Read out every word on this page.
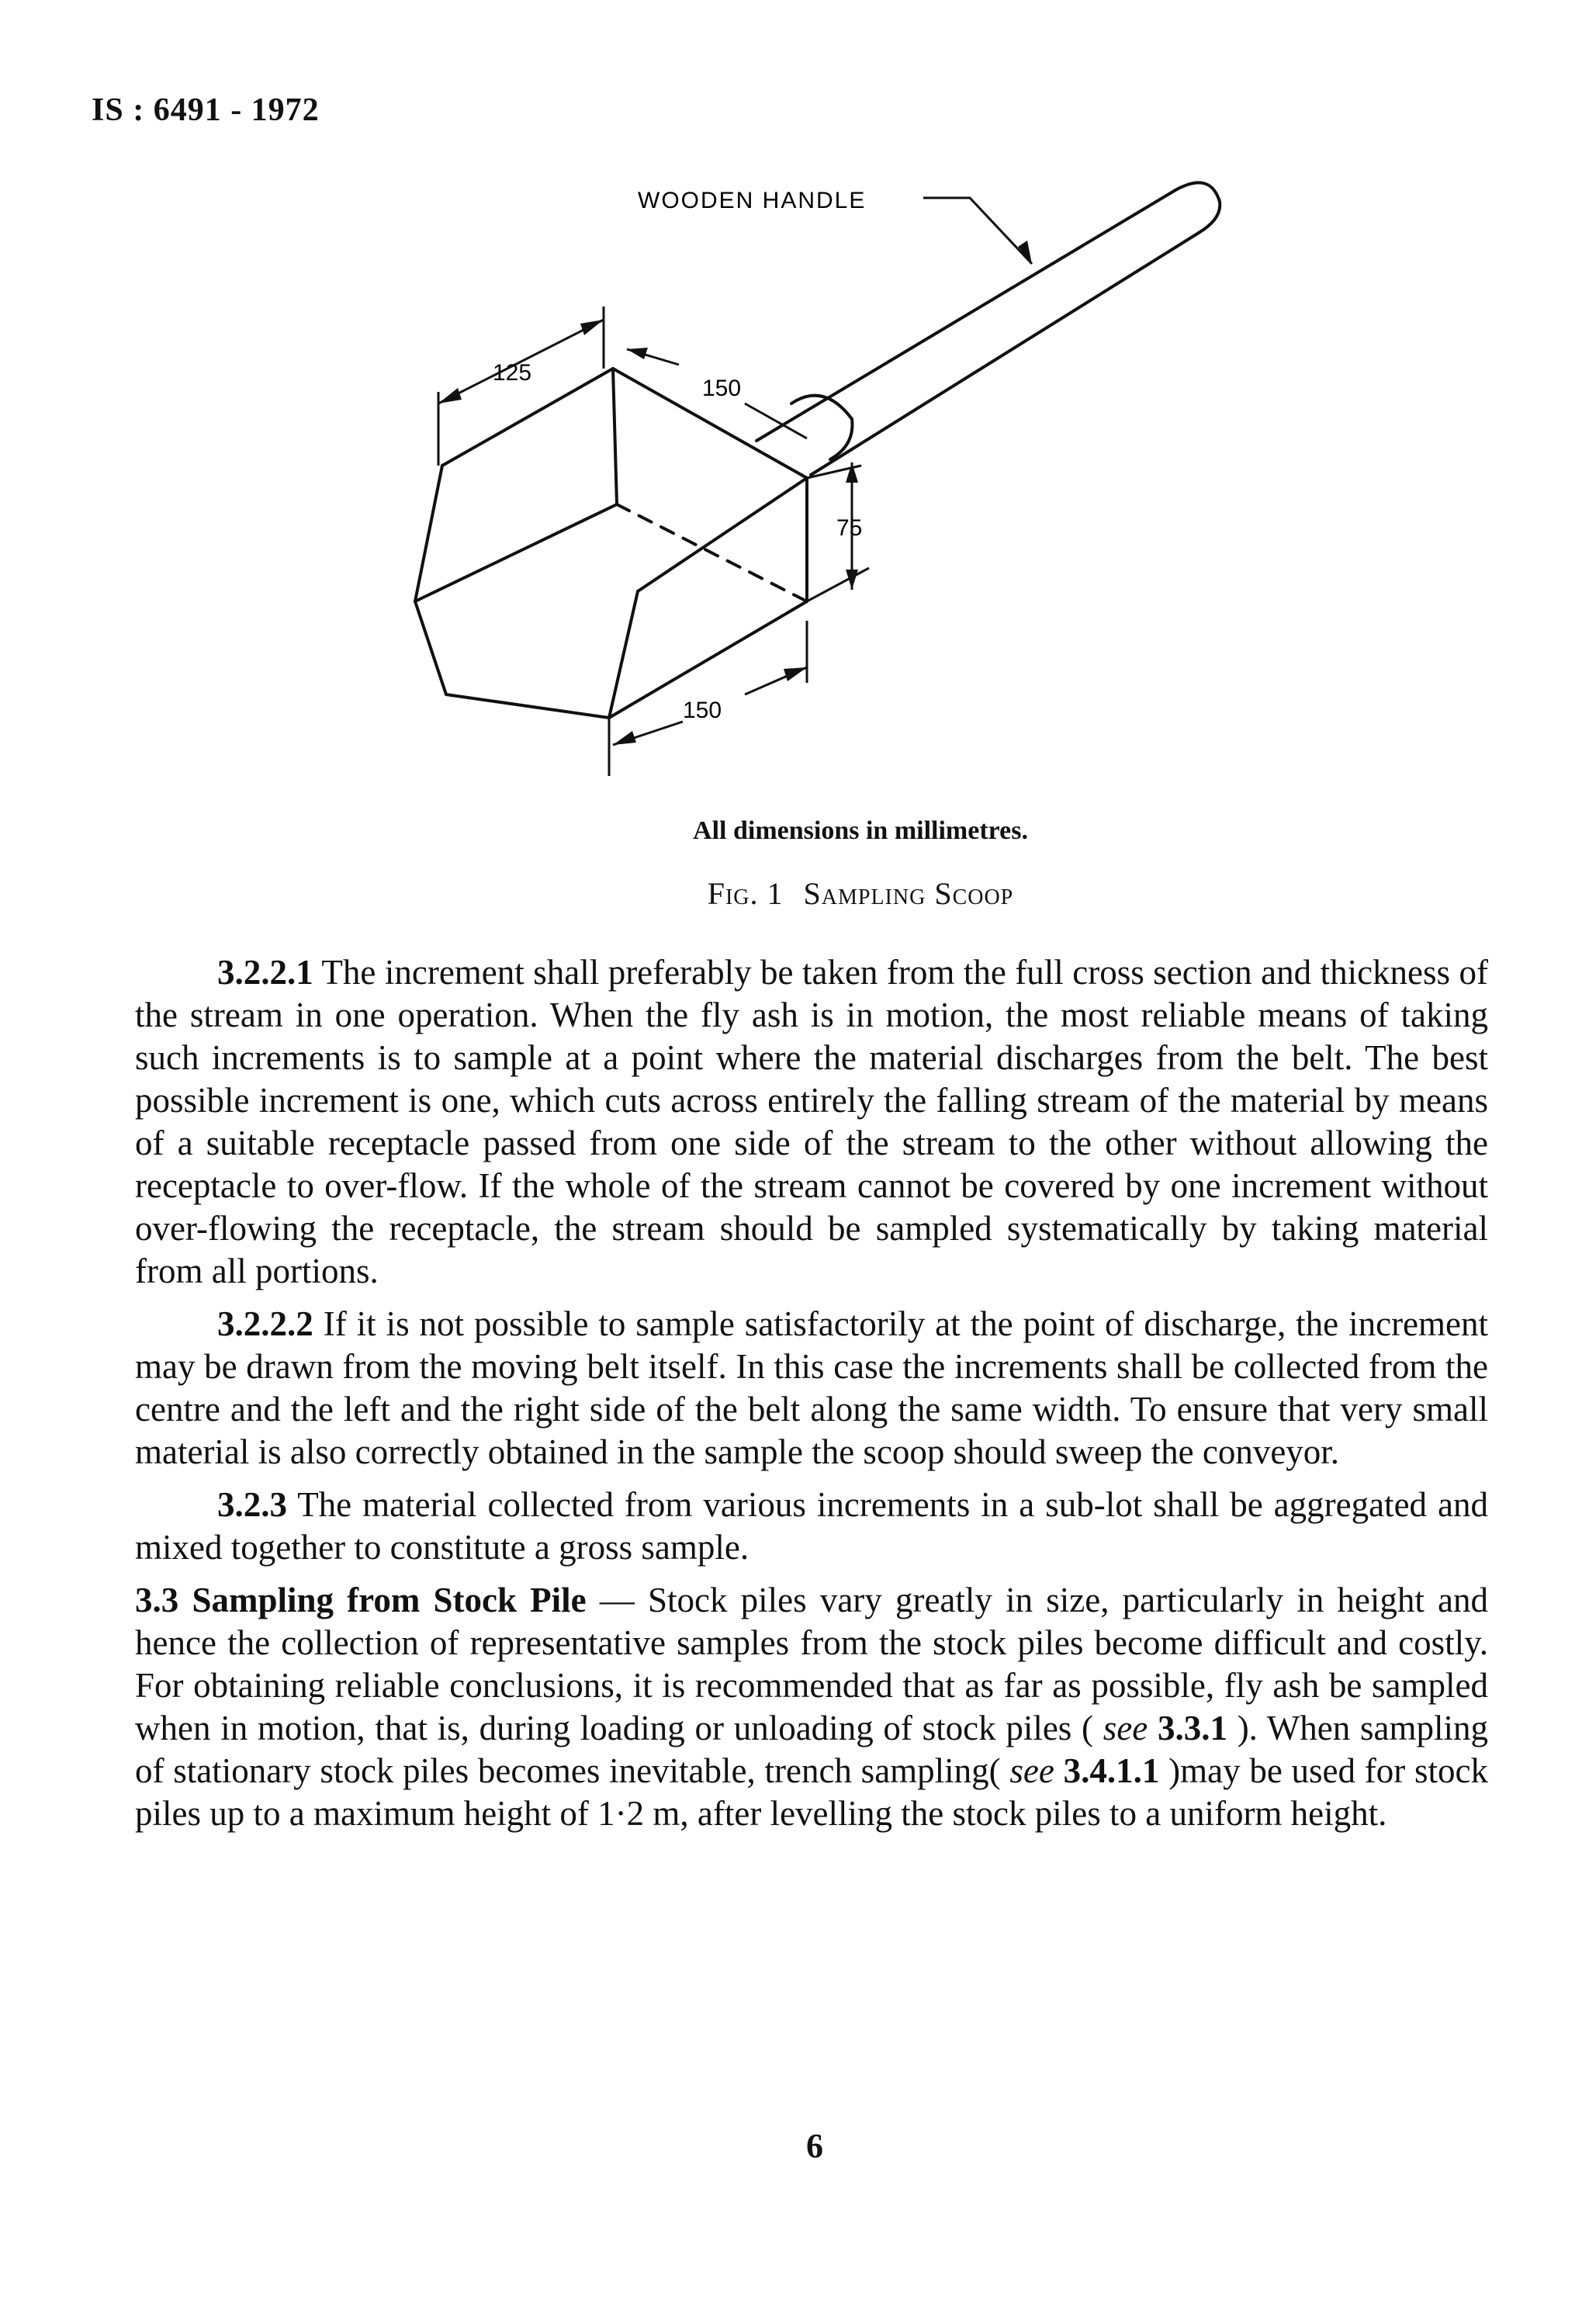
IS : 6491 - 1972
WOODEN HANDLE
125
150
75
150
All dimensions in millimetres.
Fig. 1 Sampling Scoop

3.2.2.1 The increment shall preferably be taken from the full cross section and thickness of the stream in one operation. When the fly ash is in motion, the most reliable means of taking such increments is to sample at a point where the material discharges from the belt. The best possible increment is one, which cuts across entirely the falling stream of the material by means of a suitable receptacle passed from one side of the stream to the other without allowing the receptacle to over-flow. If the whole of the stream cannot be covered by one increment without over-flowing the receptacle, the stream should be sampled systematically by taking material from all portions.

3.2.2.2 If it is not possible to sample satisfactorily at the point of discharge, the increment may be drawn from the moving belt itself. In this case the increments shall be collected from the centre and the left and the right side of the belt along the same width. To ensure that very small material is also correctly obtained in the sample the scoop should sweep the conveyor.

3.2.3 The material collected from various increments in a sub-lot shall be aggregated and mixed together to constitute a gross sample.

3.3 Sampling from Stock Pile — Stock piles vary greatly in size, particularly in height and hence the collection of representative samples from the stock piles become difficult and costly. For obtaining reliable conclusions, it is recommended that as far as possible, fly ash be sampled when in motion, that is, during loading or unloading of stock piles ( see 3.3.1 ). When sampling of stationary stock piles becomes inevitable, trench sampling( see 3.4.1.1 )may be used for stock piles up to a maximum height of 1·2 m, after levelling the stock piles to a uniform height.

6
